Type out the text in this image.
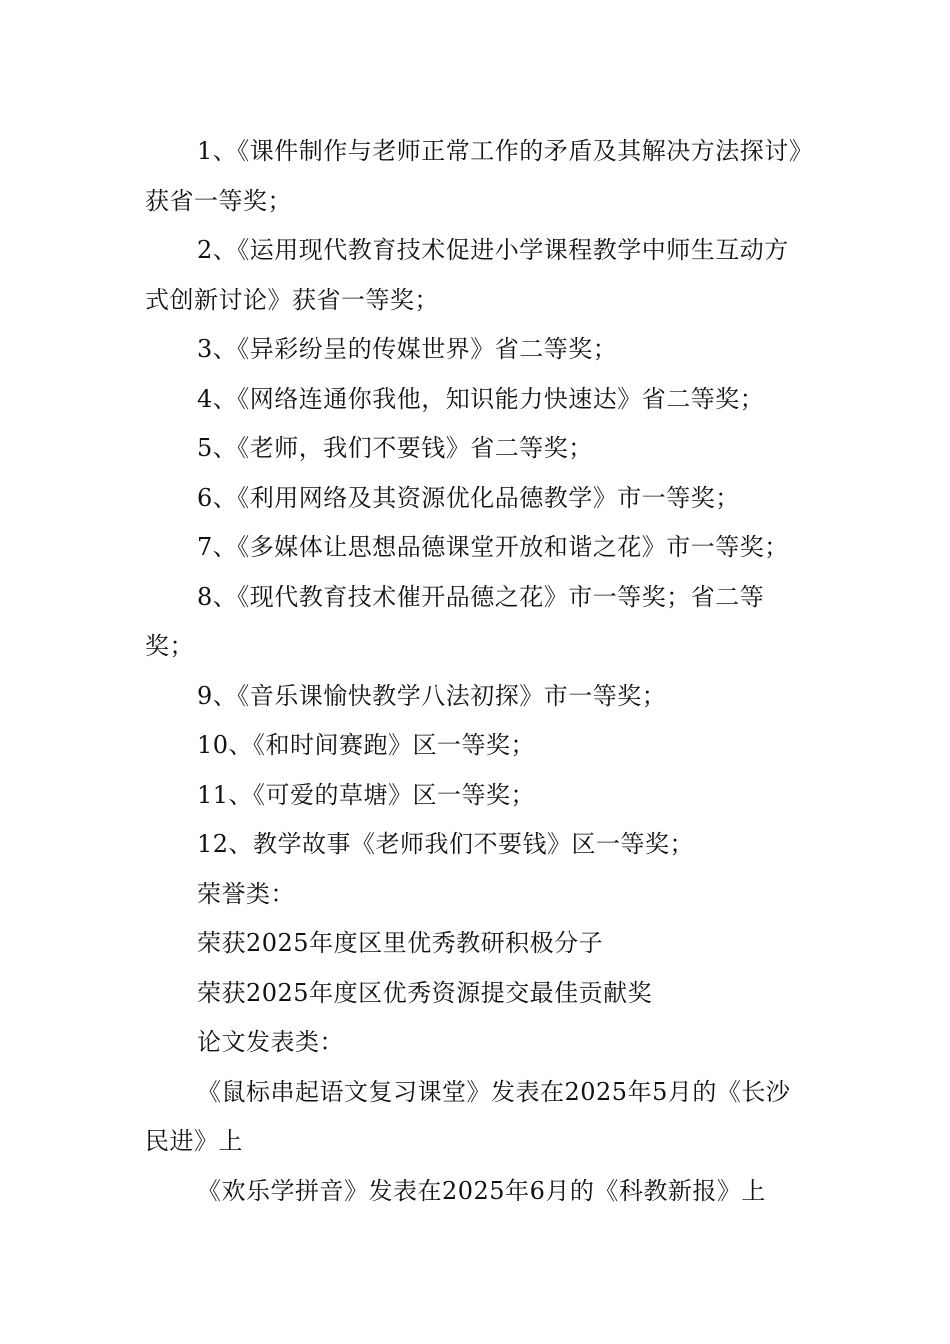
1、《课件制作与老师正常工作的矛盾及其解决方法探讨》获省一等奖；

2、《运用现代教育技术促进小学课程教学中师生互动方式创新讨论》获省一等奖；

3、《异彩纷呈的传媒世界》省二等奖；

4、《网络连通你我他，知识能力快速达》省二等奖；

5、《老师，我们不要钱》省二等奖；

6、《利用网络及其资源优化品德教学》市一等奖；

7、《多媒体让思想品德课堂开放和谐之花》市一等奖；

8、《现代教育技术催开品德之花》市一等奖；省二等奖；

9、《音乐课愉快教学八法初探》市一等奖；

10、《和时间赛跑》区一等奖；

11、《可爱的草塘》区一等奖；

12、教学故事《老师我们不要钱》区一等奖；

荣誉类：

荣获2025年度区里优秀教研积极分子

荣获2025年度区优秀资源提交最佳贡献奖

论文发表类：

《鼠标串起语文复习课堂》发表在2025年5月的《长沙民进》上

《欢乐学拼音》发表在2025年6月的《科教新报》上
